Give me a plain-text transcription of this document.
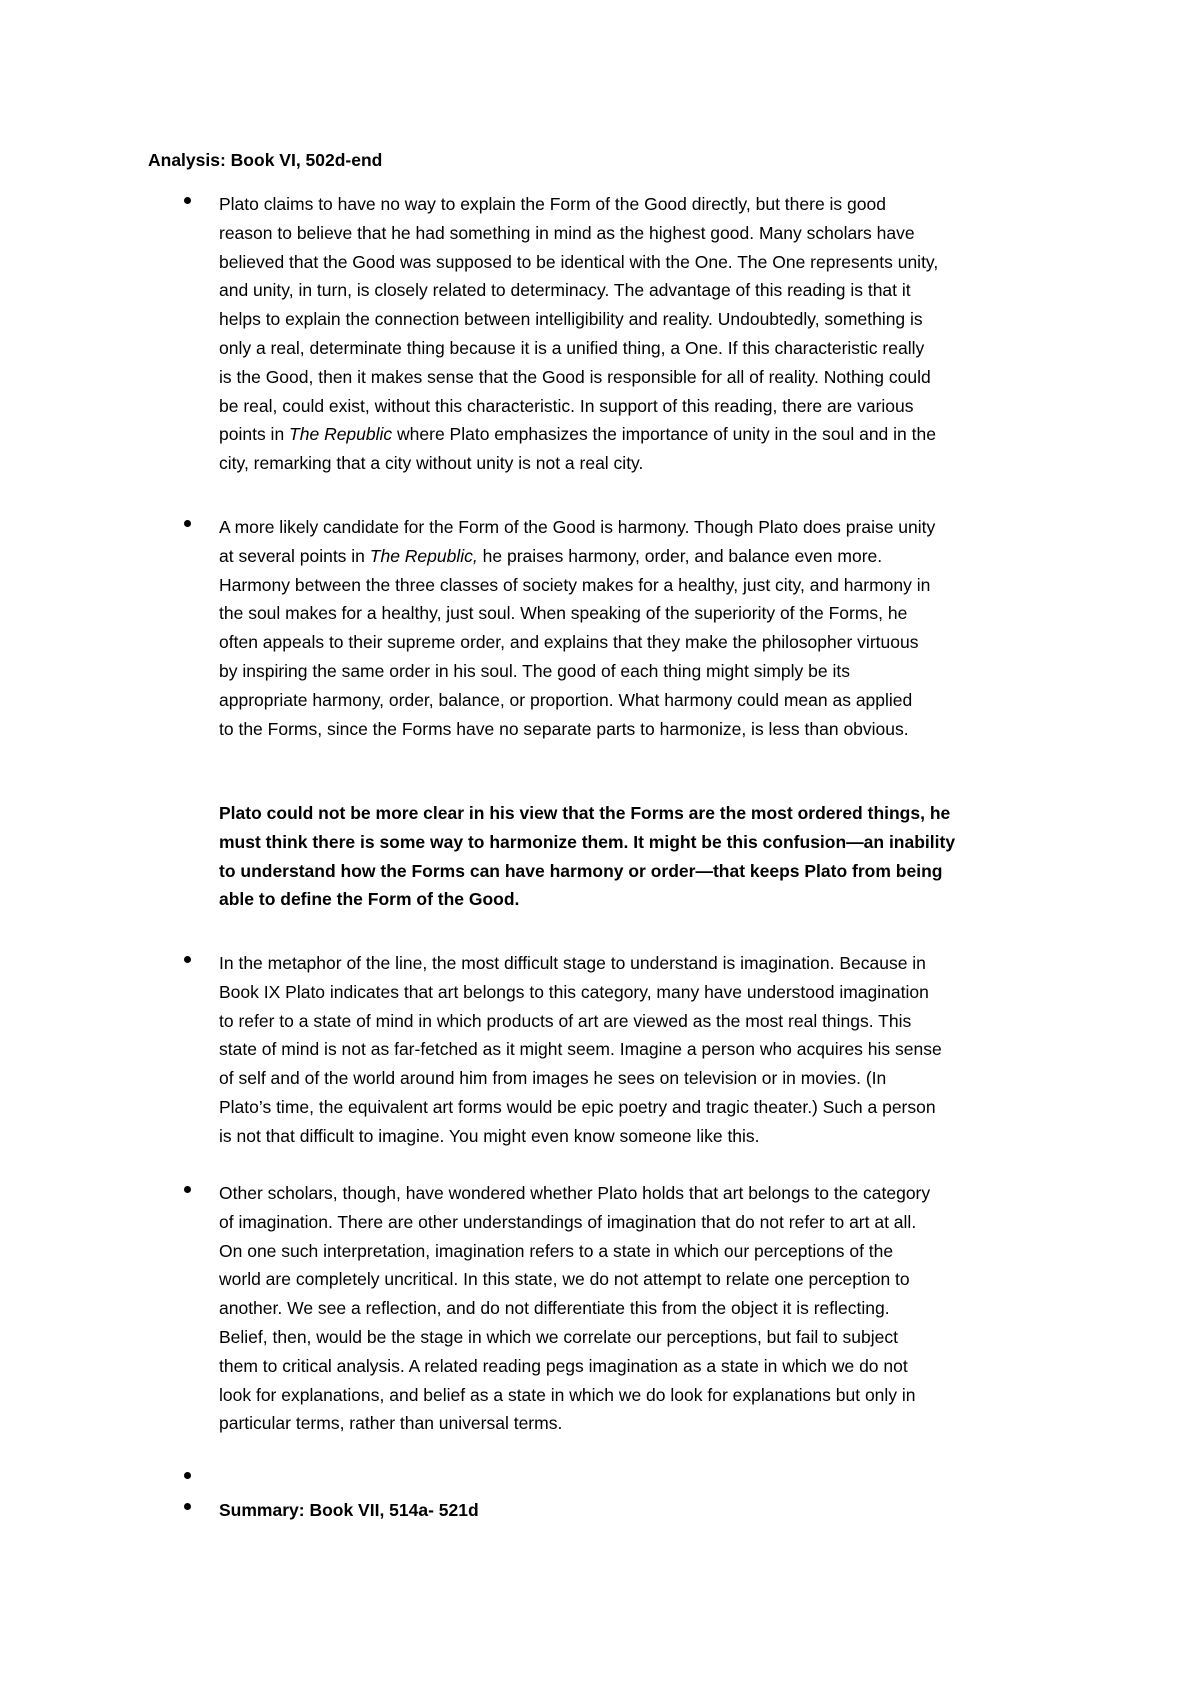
Analysis: Book VI, 502d-end

Plato claims to have no way to explain the Form of the Good directly, but there is good
reason to believe that he had something in mind as the highest good. Many scholars have
believed that the Good was supposed to be identical with the One. The One represents unity,
and unity, in turn, is closely related to determinacy. The advantage of this reading is that it
helps to explain the connection between intelligibility and reality. Undoubtedly, something is
only a real, determinate thing because it is a unified thing, a One. If this characteristic really
is the Good, then it makes sense that the Good is responsible for all of reality. Nothing could
be real, could exist, without this characteristic. In support of this reading, there are various
points in The Republic where Plato emphasizes the importance of unity in the soul and in the
city, remarking that a city without unity is not a real city.

A more likely candidate for the Form of the Good is harmony. Though Plato does praise unity
at several points in The Republic, he praises harmony, order, and balance even more.
Harmony between the three classes of society makes for a healthy, just city, and harmony in
the soul makes for a healthy, just soul. When speaking of the superiority of the Forms, he
often appeals to their supreme order, and explains that they make the philosopher virtuous
by inspiring the same order in his soul. The good of each thing might simply be its
appropriate harmony, order, balance, or proportion. What harmony could mean as applied
to the Forms, since the Forms have no separate parts to harmonize, is less than obvious.

Plato could not be more clear in his view that the Forms are the most ordered things, he
must think there is some way to harmonize them. It might be this confusion—an inability
to understand how the Forms can have harmony or order—that keeps Plato from being
able to define the Form of the Good.

In the metaphor of the line, the most difficult stage to understand is imagination. Because in
Book IX Plato indicates that art belongs to this category, many have understood imagination
to refer to a state of mind in which products of art are viewed as the most real things. This
state of mind is not as far-fetched as it might seem. Imagine a person who acquires his sense
of self and of the world around him from images he sees on television or in movies. (In
Plato’s time, the equivalent art forms would be epic poetry and tragic theater.) Such a person
is not that difficult to imagine. You might even know someone like this.

Other scholars, though, have wondered whether Plato holds that art belongs to the category
of imagination. There are other understandings of imagination that do not refer to art at all.
On one such interpretation, imagination refers to a state in which our perceptions of the
world are completely uncritical. In this state, we do not attempt to relate one perception to
another. We see a reflection, and do not differentiate this from the object it is reflecting.
Belief, then, would be the stage in which we correlate our perceptions, but fail to subject
them to critical analysis. A related reading pegs imagination as a state in which we do not
look for explanations, and belief as a state in which we do look for explanations but only in
particular terms, rather than universal terms.

Summary: Book VII, 514a- 521d
